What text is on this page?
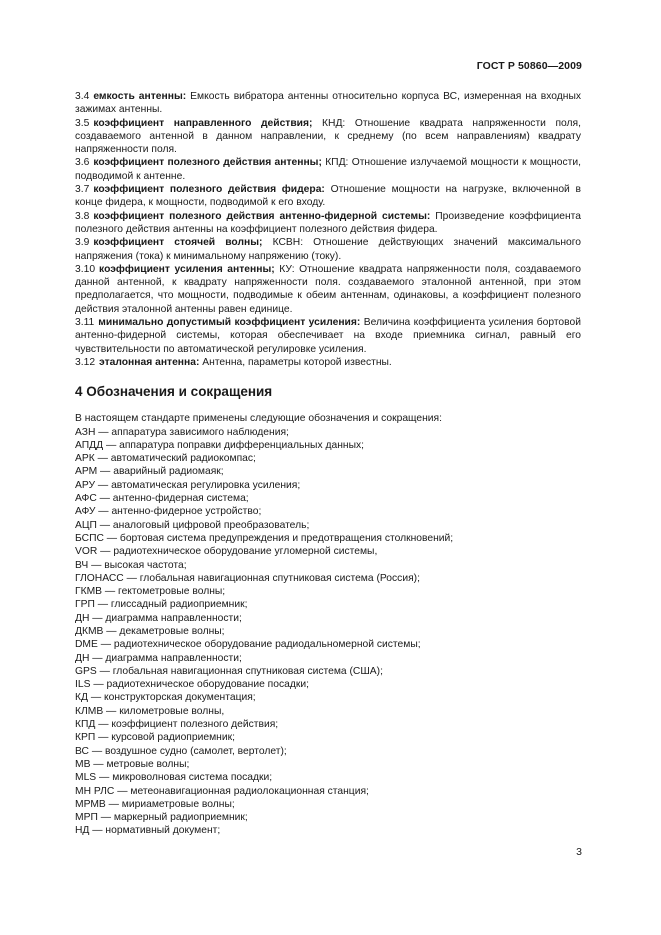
ГОСТ Р 50860—2009

3.4 емкость антенны: Емкость вибратора антенны относительно корпуса ВС, измеренная на входных зажимах антенны.

3.5 коэффициент направленного действия; КНД: Отношение квадрата напряженности поля, создаваемого антенной в данном направлении, к среднему (по всем направлениям) квадрату напряженности поля.

3.6 коэффициент полезного действия антенны; КПД: Отношение излучаемой мощности к мощности, подводимой к антенне.

3.7 коэффициент полезного действия фидера: Отношение мощности на нагрузке, включенной в конце фидера, к мощности, подводимой к его входу.

3.8 коэффициент полезного действия антенно-фидерной системы: Произведение коэффициента полезного действия антенны на коэффициент полезного действия фидера.

3.9 коэффициент стоячей волны; КСВН: Отношение действующих значений максимального напряжения (тока) к минимальному напряжению (току).

3.10 коэффициент усиления антенны; КУ: Отношение квадрата напряженности поля, создаваемого данной антенной, к квадрату напряженности поля. создаваемого эталонной антенной, при этом предполагается, что мощности, подводимые к обеим антеннам, одинаковы, а коэффициент полезного действия эталонной антенны равен единице.

3.11 минимально допустимый коэффициент усиления: Величина коэффициента усиления бортовой антенно-фидерной системы, которая обеспечивает на входе приемника сигнал, равный его чувствительности по автоматической регулировке усиления.

3.12 эталонная антенна: Антенна, параметры которой известны.

4 Обозначения и сокращения

В настоящем стандарте применены следующие обозначения и сокращения:

АЗН — аппаратура зависимого наблюдения;
АПДД — аппаратура поправки дифференциальных данных;
АРК — автоматический радиокомпас;
АРМ — аварийный радиомаяк;
АРУ — автоматическая регулировка усиления;
АФС — антенно-фидерная система;
АФУ — антенно-фидерное устройство;
АЦП — аналоговый цифровой преобразователь;
БСПС — бортовая система предупреждения и предотвращения столкновений;
VOR — радиотехническое оборудование угломерной системы,
ВЧ — высокая частота;
ГЛОНАСС — глобальная навигационная спутниковая система (Россия);
ГКМВ — гектометровые волны;
ГРП — глиссадный радиоприемник;
ДН — диаграмма направленности;
ДКМВ — декаметровые волны;
DME — радиотехническое оборудование радиодальномерной системы;
ДН — диаграмма направленности;
GPS — глобальная навигационная спутниковая система (США);
ILS — радиотехническое оборудование посадки;
КД — конструкторская документация;
КЛМВ — километровые волны,
КПД — коэффициент полезного действия;
КРП — курсовой радиоприемник;
ВС — воздушное судно (самолет, вертолет);
МВ — метровые волны;
MLS — микроволновая система посадки;
МН РЛС — метеонавигационная радиолокационная станция;
МРМВ — мириаметровые волны;
МРП — маркерный радиоприемник;
НД — нормативный документ;
3
